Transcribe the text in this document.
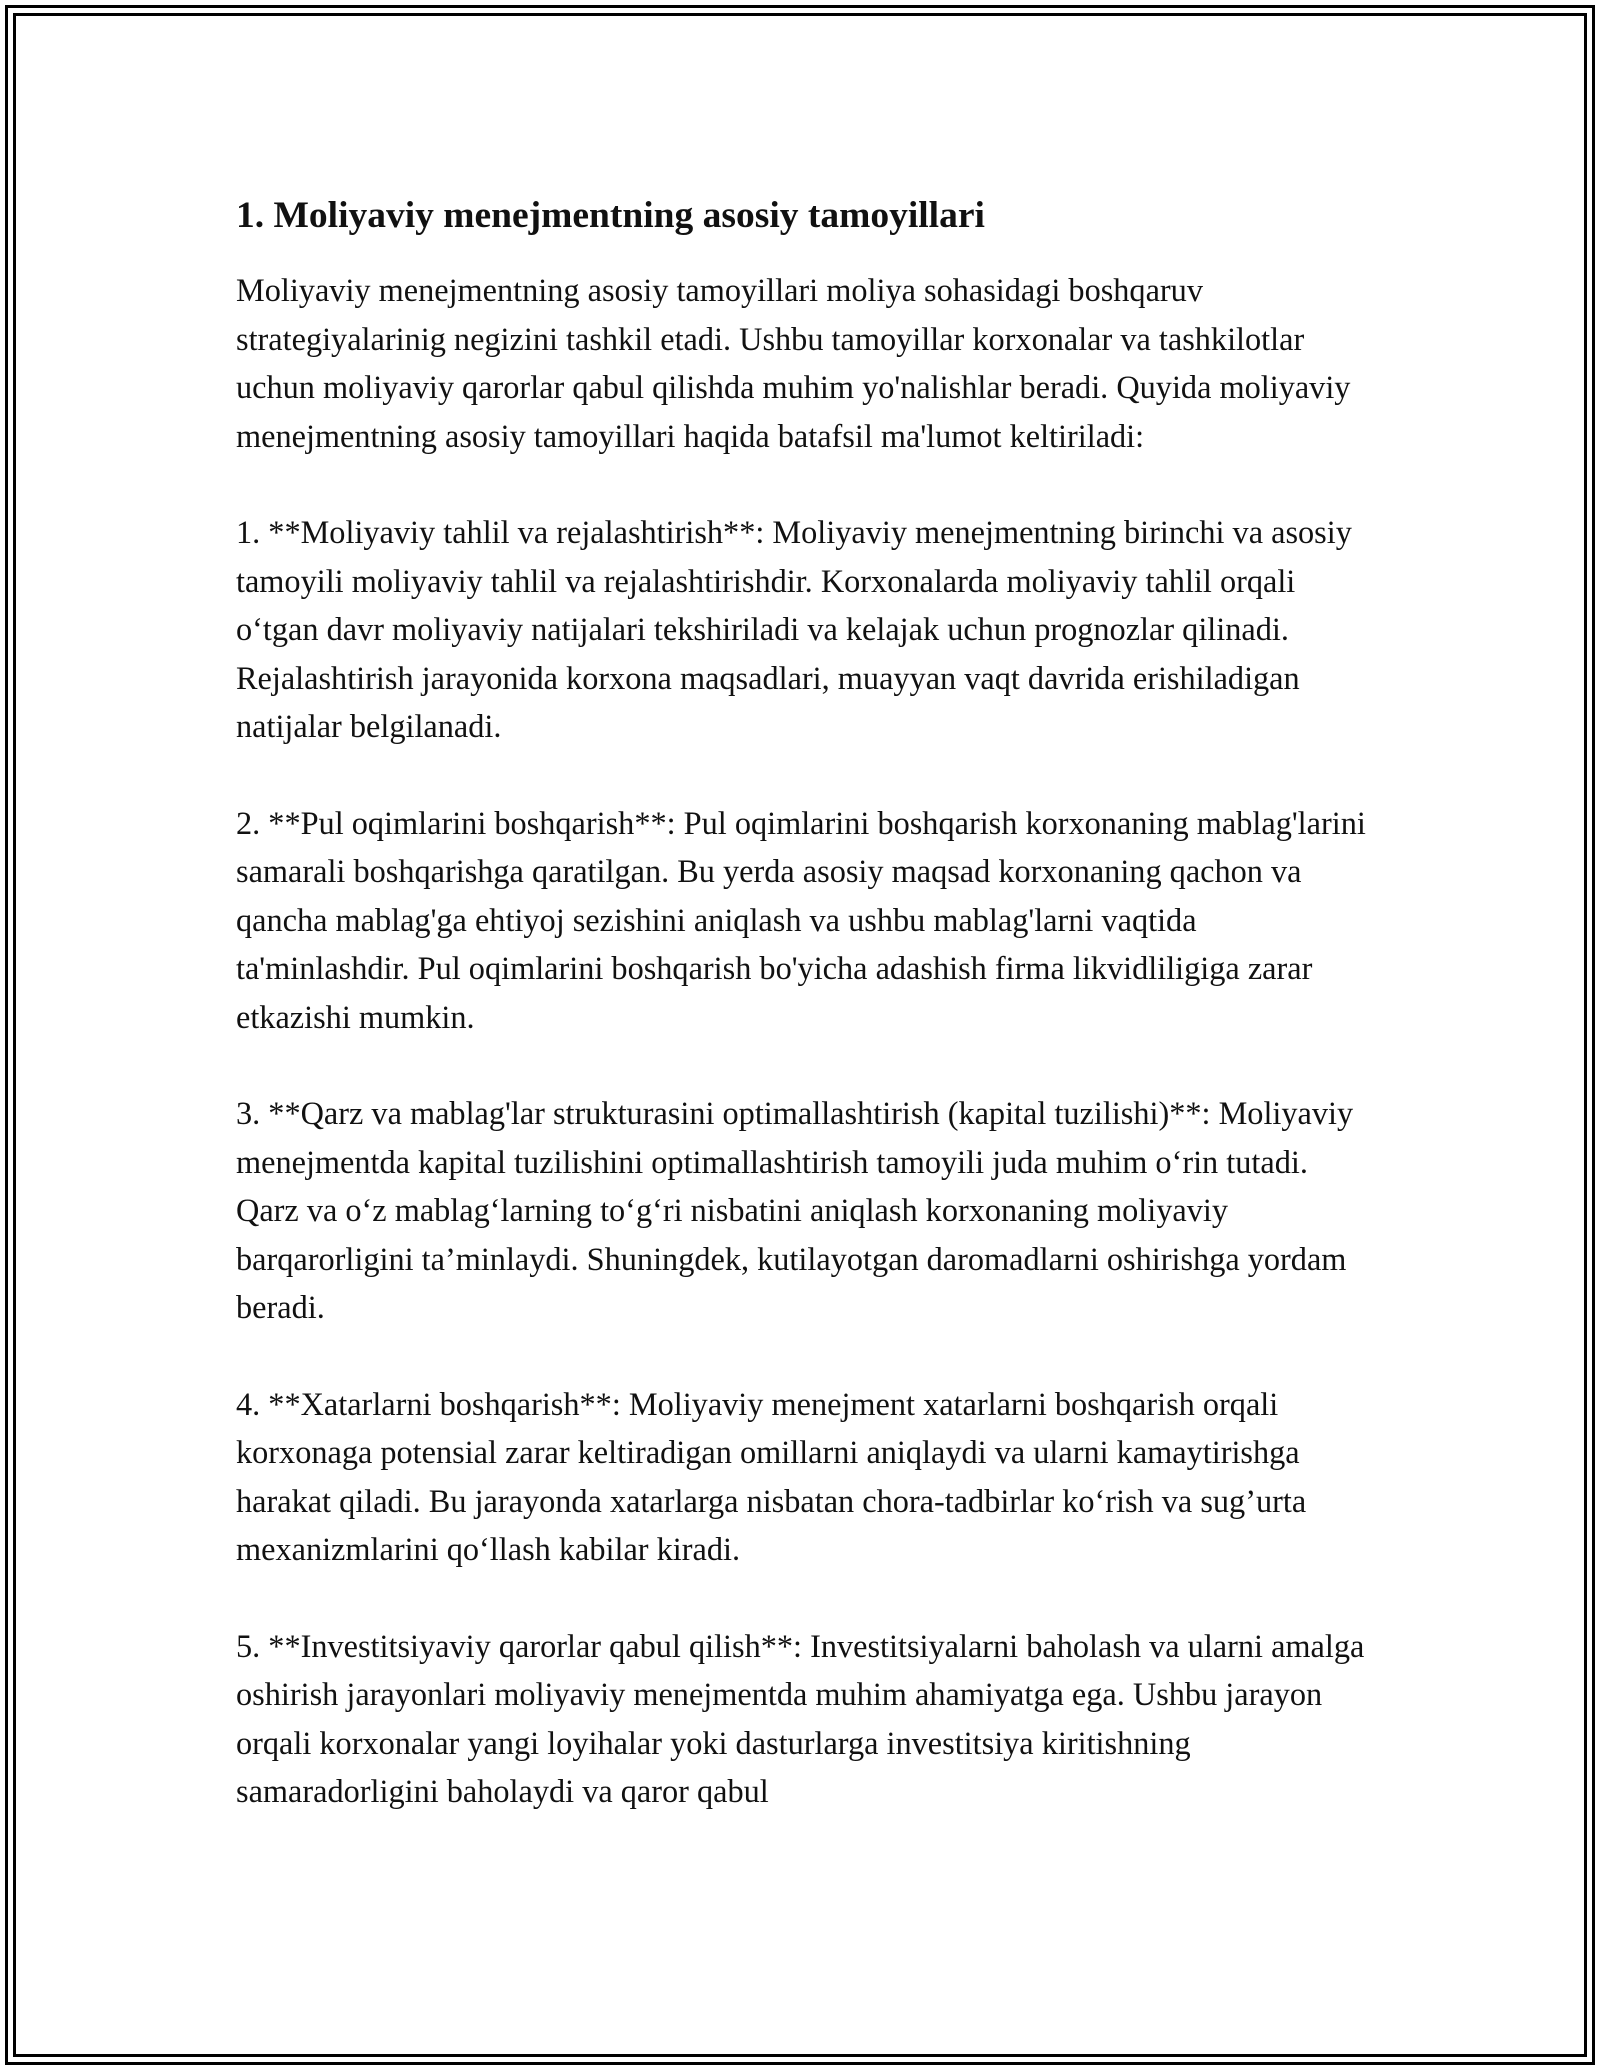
1. Moliyaviy menejmentning asosiy tamoyillari

Moliyaviy menejmentning asosiy tamoyillari moliya sohasidagi boshqaruv strategiyalarinig negizini tashkil etadi. Ushbu tamoyillar korxonalar va tashkilotlar uchun moliyaviy qarorlar qabul qilishda muhim yo'nalishlar beradi. Quyida moliyaviy menejmentning asosiy tamoyillari haqida batafsil ma'lumot keltiriladi:

1. **Moliyaviy tahlil va rejalashtirish**: Moliyaviy menejmentning birinchi va asosiy tamoyili moliyaviy tahlil va rejalashtirishdir. Korxonalarda moliyaviy tahlil orqali o‘tgan davr moliyaviy natijalari tekshiriladi va kelajak uchun prognozlar qilinadi. Rejalashtirish jarayonida korxona maqsadlari, muayyan vaqt davrida erishiladigan natijalar belgilanadi.

2. **Pul oqimlarini boshqarish**: Pul oqimlarini boshqarish korxonaning mablag'larini samarali boshqarishga qaratilgan. Bu yerda asosiy maqsad korxonaning qachon va qancha mablag'ga ehtiyoj sezishini aniqlash va ushbu mablag'larni vaqtida ta'minlashdir. Pul oqimlarini boshqarish bo'yicha adashish firma likvidliligiga zarar etkazishi mumkin.

3. **Qarz va mablag'lar strukturasini optimallashtirish (kapital tuzilishi)**: Moliyaviy menejmentda kapital tuzilishini optimallashtirish tamoyili juda muhim o‘rin tutadi. Qarz va o‘z mablag‘larning to‘g‘ri nisbatini aniqlash korxonaning moliyaviy barqarorligini ta’minlaydi. Shuningdek, kutilayotgan daromadlarni oshirishga yordam beradi.

4. **Xatarlarni boshqarish**: Moliyaviy menejment xatarlarni boshqarish orqali korxonaga potensial zarar keltiradigan omillarni aniqlaydi va ularni kamaytirishga harakat qiladi. Bu jarayonda xatarlarga nisbatan chora-tadbirlar ko‘rish va sug’urta mexanizmlarini qo‘llash kabilar kiradi.

5. **Investitsiyaviy qarorlar qabul qilish**: Investitsiyalarni baholash va ularni amalga oshirish jarayonlari moliyaviy menejmentda muhim ahamiyatga ega. Ushbu jarayon orqali korxonalar yangi loyihalar yoki dasturlarga investitsiya kiritishning samaradorligini baholaydi va qaror qabul
